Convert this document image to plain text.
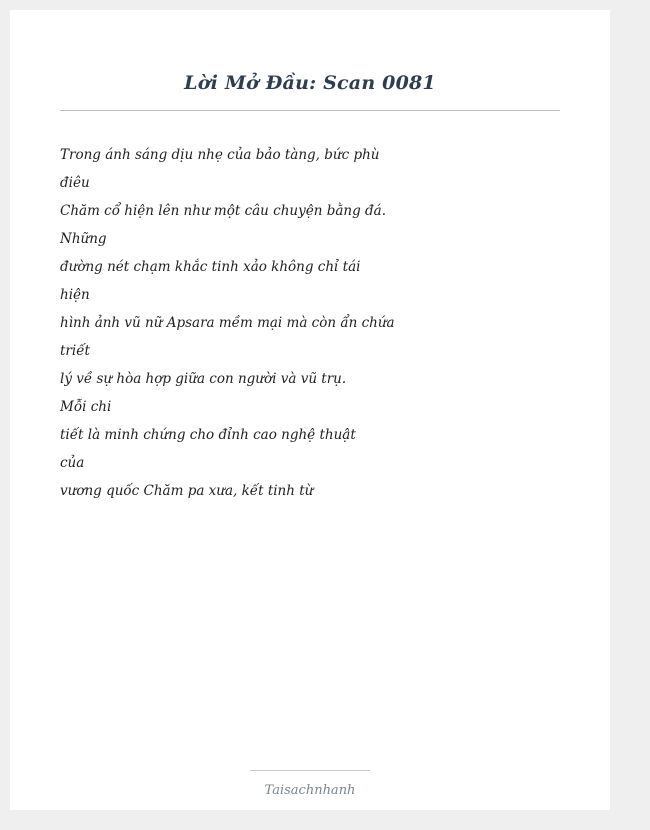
Lời Mở Đầu: Scan 0081
Trong ánh sáng dịu nhẹ của bảo tàng, bức phù
điêu
Chăm cổ hiện lên như một câu chuyện bằng đá.
Những
đường nét chạm khắc tinh xảo không chỉ tái
hiện
hình ảnh vũ nữ Apsara mềm mại mà còn ẩn chứa
triết
lý về sự hòa hợp giữa con người và vũ trụ.
Mỗi chi
tiết là minh chứng cho đỉnh cao nghệ thuật
của
vương quốc Chăm pa xưa, kết tinh từ
Taisachnhanh
